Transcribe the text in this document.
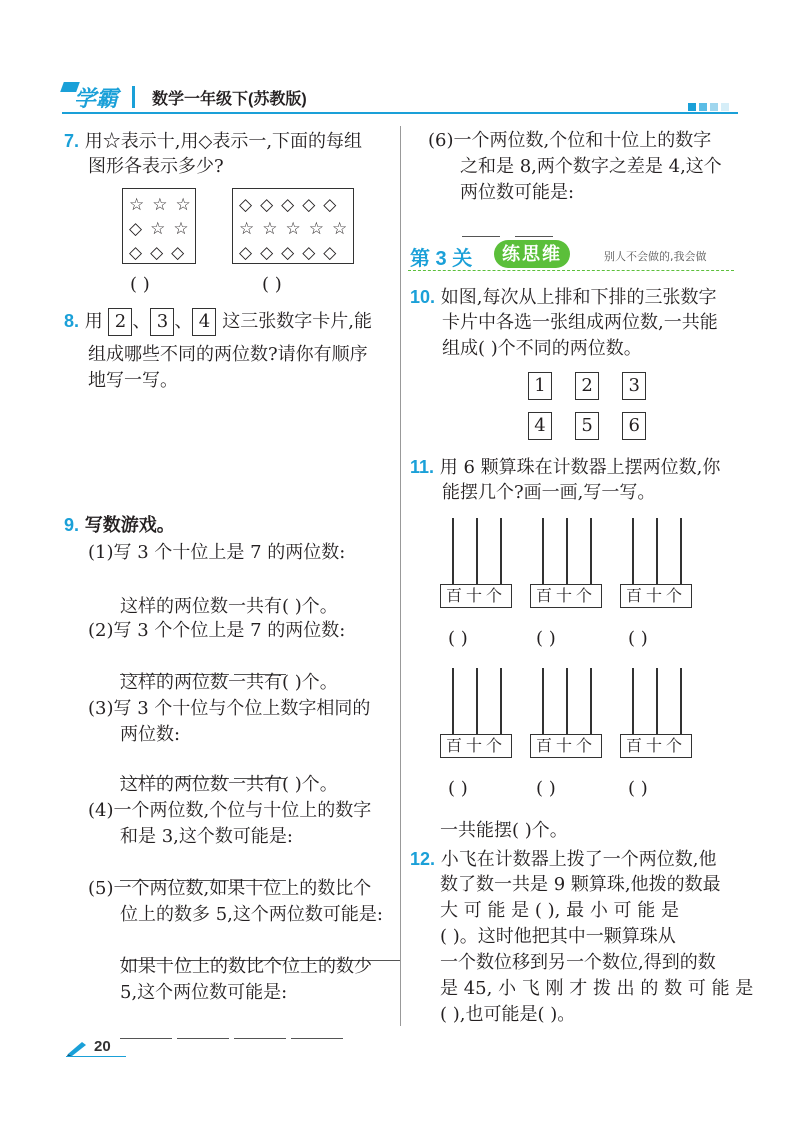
学霸 数学一年级下(苏教版)
7. 用☆表示十,用◇表示一,下面的每组
图形各表示多少?
☆☆☆
◇☆☆
◇◇◇
◇◇◇◇◇
☆☆☆☆☆
◇◇◇◇◇
( )	( )
8. 用 2 、 3 、 4 这三张数字卡片,能
组成哪些不同的两位数?请你有顺序
地写一写。
9. 写数游戏。
(1)写 3 个十位上是 7 的两位数:
这样的两位数一共有( )个。
(2)写 3 个个位上是 7 的两位数:

这样的两位数一共有( )个。
(3)写 3 个十位与个位上数字相同的
两位数:

这样的两位数一共有( )个。
(4)一个两位数,个位与十位上的数字
和是 3,这个数可能是:

(5)一个两位数,如果十位上的数比个
位上的数多 5,这个两位数可能是:

如果十位上的数比个位上的数少
5,这个两位数可能是:

(6)一个两位数,个位和十位上的数字
之和是 8,两个数字之差是 4,这个
两位数可能是:

第 3 关	练思维	别人不会做的,我会做
10. 如图,每次从上排和下排的三张数字
卡片中各选一张组成两位数,一共能
组成( )个不同的两位数。
1 2 3
4 5 6
11. 用 6 颗算珠在计数器上摆两位数,你
能摆几个?画一画,写一写。
百十个	百十个	百十个
( )	( )	( )
百十个	百十个	百十个
( )	( )	( )
一共能摆( )个。
12. 小飞在计数器上拨了一个两位数,他
数了数一共是 9 颗算珠,他拨的数最
大 可 能 是 ( ), 最 小 可 能 是
( )。这时他把其中一颗算珠从
一个数位移到另一个数位,得到的数
是 45, 小 飞 刚 才 拨 出 的 数 可 能 是
( ),也可能是( )。
20
